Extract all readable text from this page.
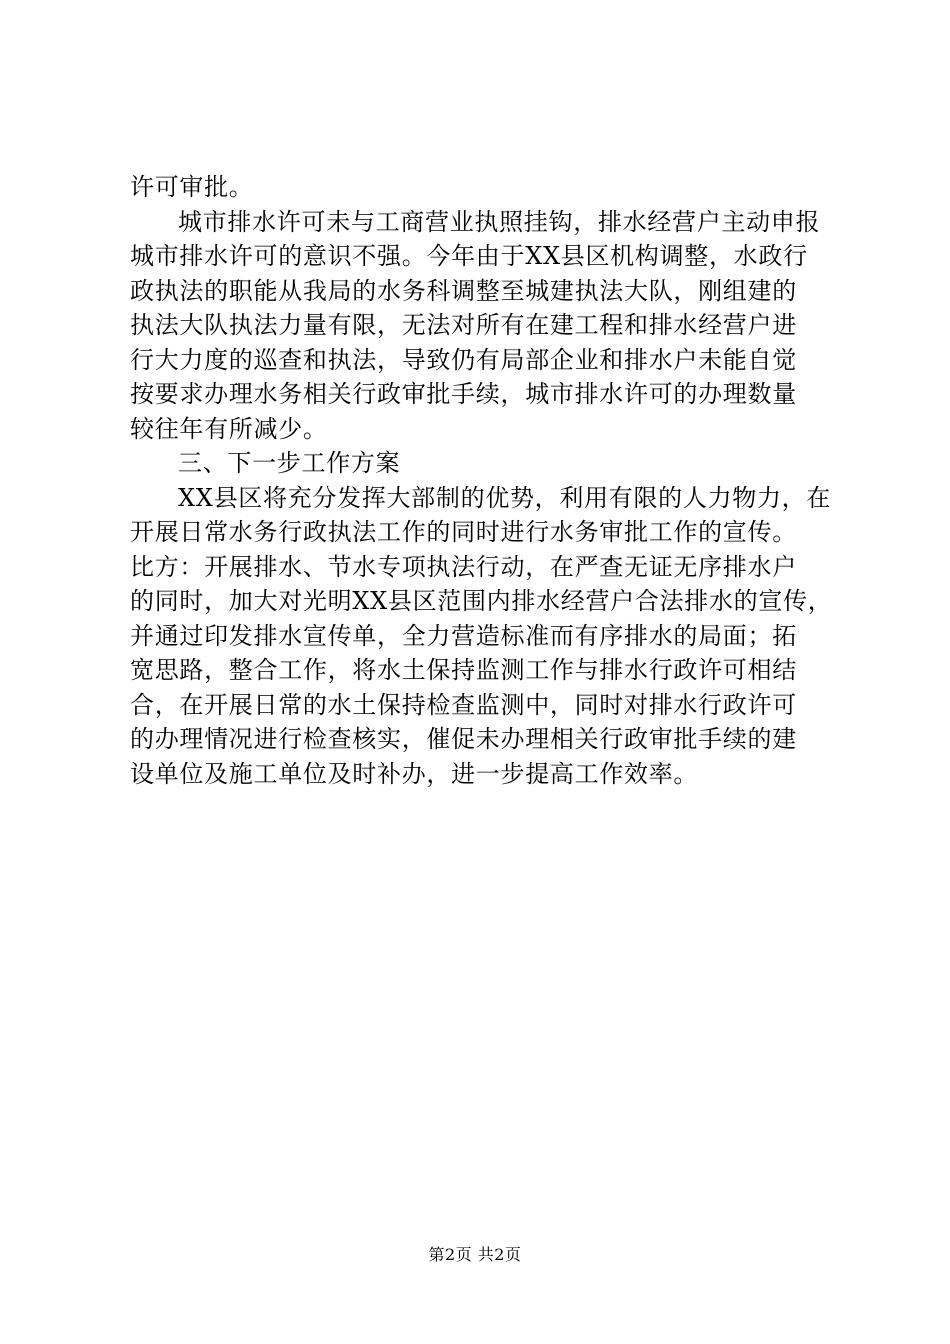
许可审批。
城市排水许可未与工商营业执照挂钩，排水经营户主动申报
城市排水许可的意识不强。今年由于XX县区机构调整，水政行
政执法的职能从我局的水务科调整至城建执法大队，刚组建的
执法大队执法力量有限，无法对所有在建工程和排水经营户进
行大力度的巡查和执法，导致仍有局部企业和排水户未能自觉
按要求办理水务相关行政审批手续，城市排水许可的办理数量
较往年有所减少。
三、下一步工作方案
XX县区将充分发挥大部制的优势，利用有限的人力物力，在
开展日常水务行政执法工作的同时进行水务审批工作的宣传。
比方：开展排水、节水专项执法行动，在严查无证无序排水户
的同时，加大对光明XX县区范围内排水经营户合法排水的宣传，
并通过印发排水宣传单，全力营造标准而有序排水的局面；拓
宽思路，整合工作，将水土保持监测工作与排水行政许可相结
合，在开展日常的水土保持检查监测中，同时对排水行政许可
的办理情况进行检查核实，催促未办理相关行政审批手续的建
设单位及施工单位及时补办，进一步提高工作效率。
第2页 共2页
